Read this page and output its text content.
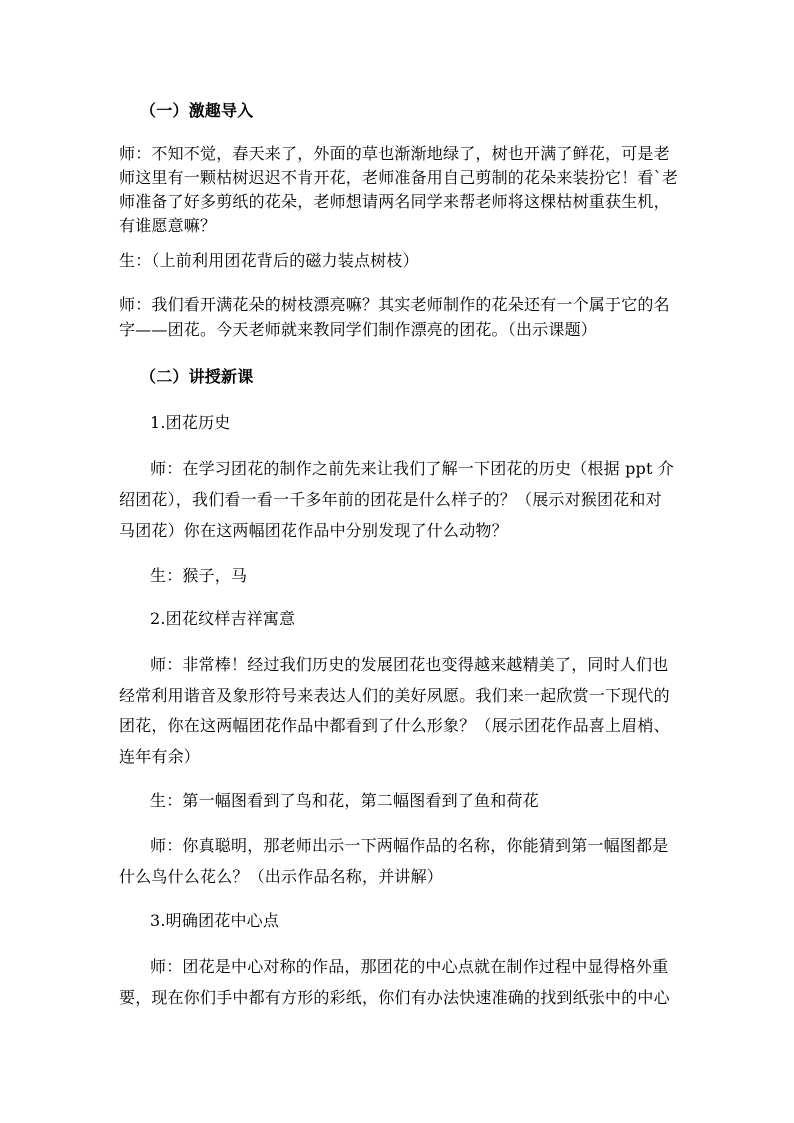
（一）激趣导入
师：不知不觉，春天来了，外面的草也渐渐地绿了，树也开满了鲜花，可是老
师这里有一颗枯树迟迟不肯开花，老师准备用自己剪制的花朵来装扮它！看`老
师准备了好多剪纸的花朵，老师想请两名同学来帮老师将这棵枯树重获生机，
有谁愿意嘛？
生：（上前利用团花背后的磁力装点树枝）
师：我们看开满花朵的树枝漂亮嘛？其实老师制作的花朵还有一个属于它的名
字——团花。今天老师就来教同学们制作漂亮的团花。（出示课题）
（二）讲授新课
1.团花历史
师：在学习团花的制作之前先来让我们了解一下团花的历史（根据 ppt 介
绍团花），我们看一看一千多年前的团花是什么样子的？（展示对猴团花和对
马团花）你在这两幅团花作品中分别发现了什么动物？
生：猴子，马
2.团花纹样吉祥寓意
师：非常棒！经过我们历史的发展团花也变得越来越精美了，同时人们也
经常利用谐音及象形符号来表达人们的美好夙愿。我们来一起欣赏一下现代的
团花，你在这两幅团花作品中都看到了什么形象？（展示团花作品喜上眉梢、
连年有余）
生：第一幅图看到了鸟和花，第二幅图看到了鱼和荷花
师：你真聪明，那老师出示一下两幅作品的名称，你能猜到第一幅图都是
什么鸟什么花么？（出示作品名称，并讲解）
3.明确团花中心点
师：团花是中心对称的作品，那团花的中心点就在制作过程中显得格外重
要，现在你们手中都有方形的彩纸，你们有办法快速准确的找到纸张中的中心
